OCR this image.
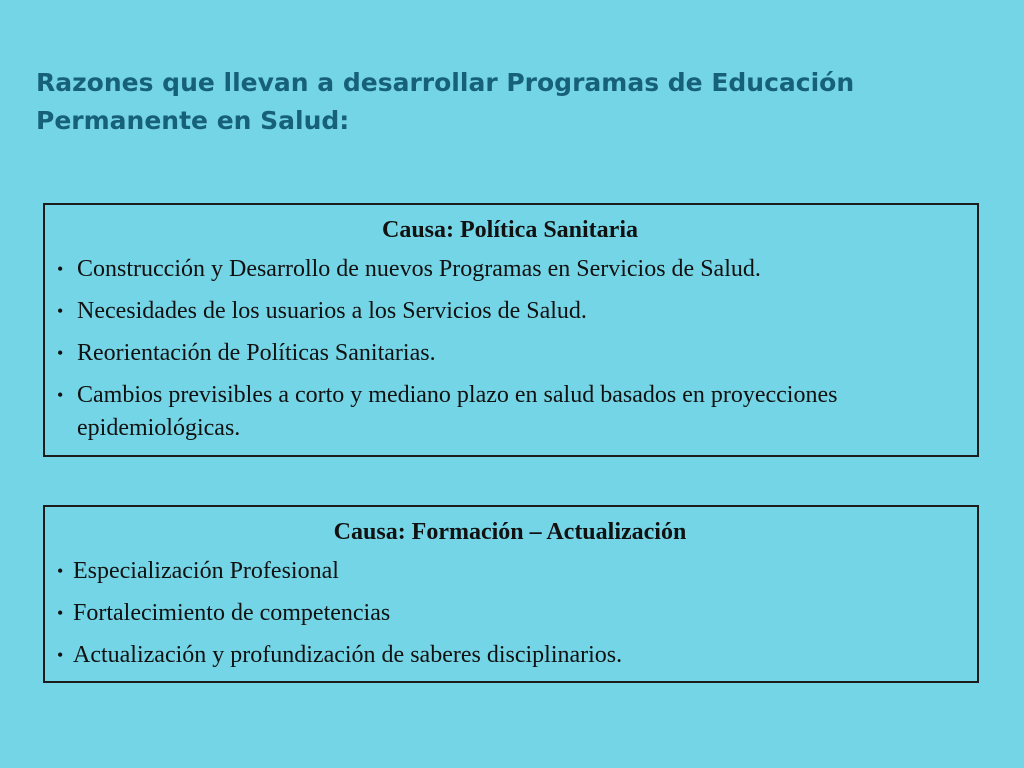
Razones que llevan a desarrollar Programas de Educación Permanente en Salud:
Causa: Política Sanitaria
• Construcción y Desarrollo de nuevos Programas en Servicios de Salud.
• Necesidades de los usuarios a los Servicios de Salud.
• Reorientación de Políticas Sanitarias.
• Cambios previsibles a corto y mediano plazo en salud basados en proyecciones epidemiológicas.
Causa: Formación – Actualización
• Especialización Profesional
• Fortalecimiento de competencias
• Actualización y profundización de saberes disciplinarios.
